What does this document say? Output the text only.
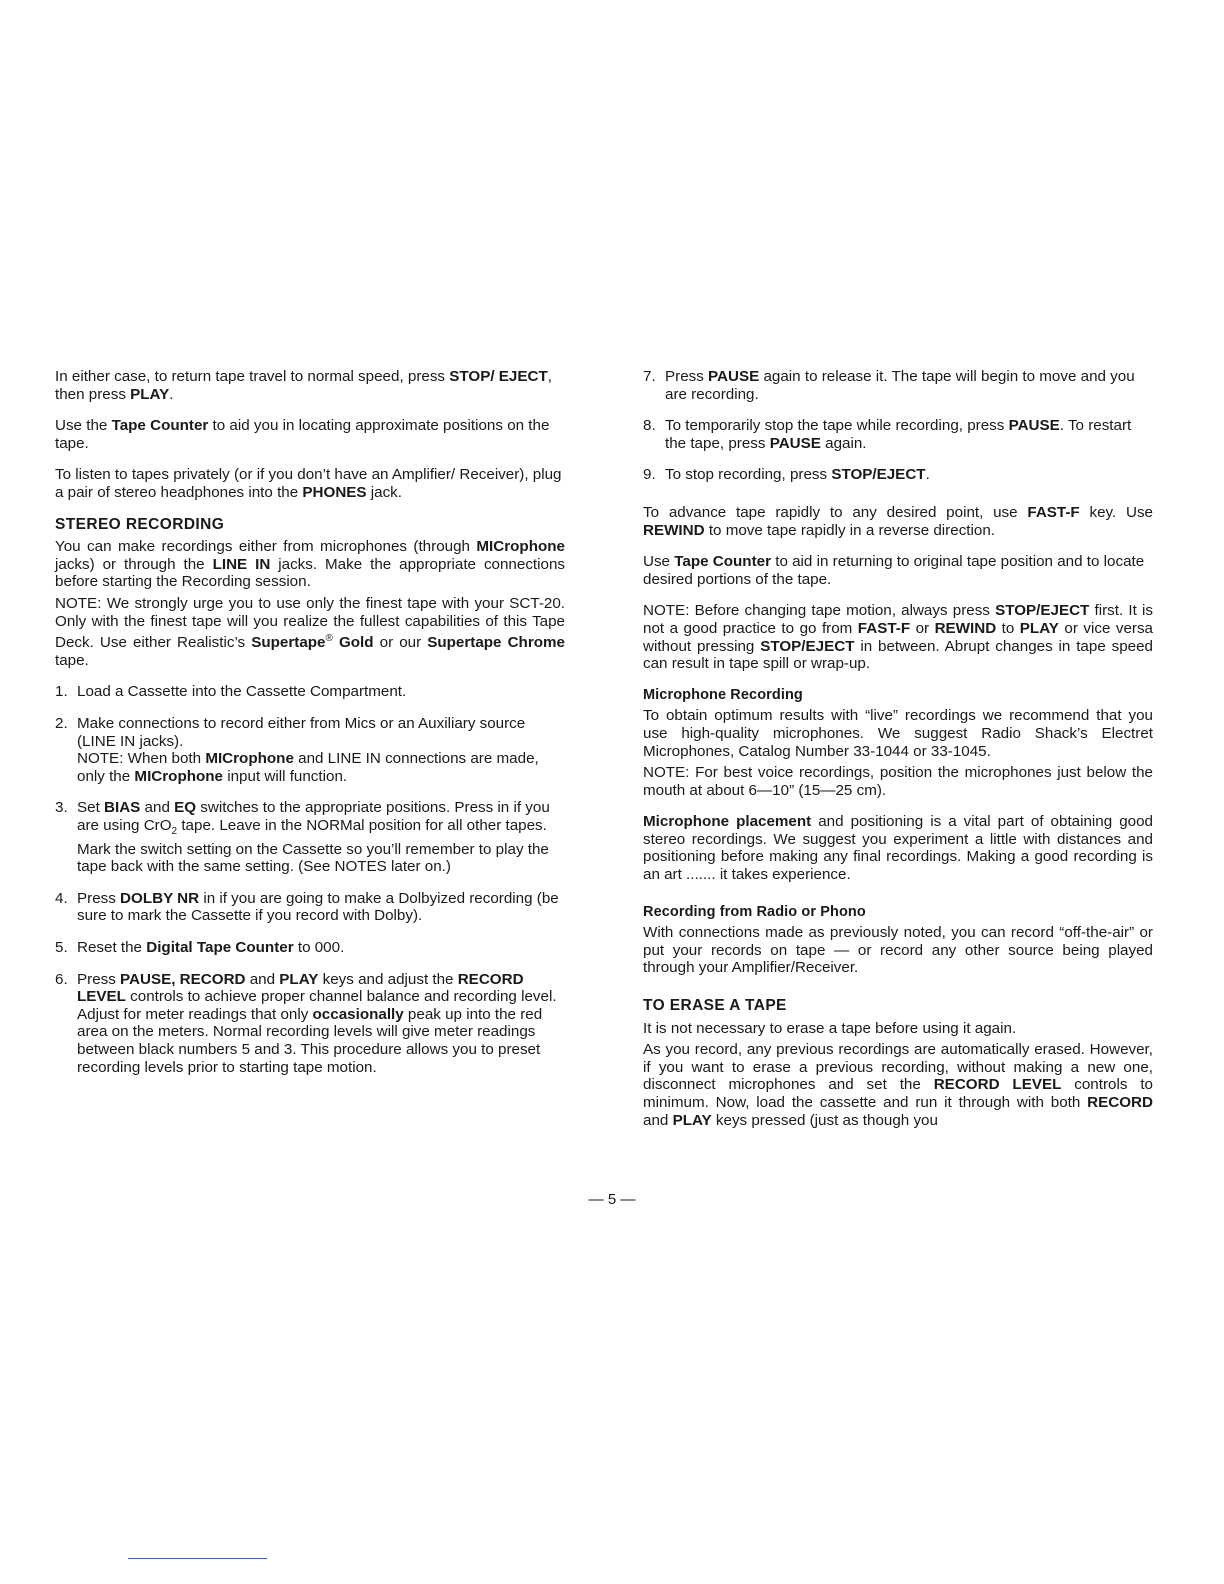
In either case, to return tape travel to normal speed, press STOP/ EJECT, then press PLAY.

Use the Tape Counter to aid you in locating approximate positions on the tape.

To listen to tapes privately (or if you don’t have an Amplifier/ Receiver), plug a pair of stereo headphones into the PHONES jack.

STEREO RECORDING

You can make recordings either from microphones (through MICrophone jacks) or through the LINE IN jacks. Make the appropriate connections before starting the Recording session.

NOTE: We strongly urge you to use only the finest tape with your SCT-20. Only with the finest tape will you realize the fullest capabilities of this Tape Deck. Use either Realistic’s Supertape® Gold or our Supertape Chrome tape.

1. Load a Cassette into the Cassette Compartment.
2. Make connections to record either from Mics or an Auxiliary source (LINE IN jacks).
NOTE: When both MICrophone and LINE IN connections are made, only the MICrophone input will function.
3. Set BIAS and EQ switches to the appropriate positions. Press in if you are using CrO$_2$ tape. Leave in the NORMal position for all other tapes. Mark the switch setting on the Cassette so you’ll remember to play the tape back with the same setting. (See NOTES later on.)
4. Press DOLBY NR in if you are going to make a Dolbyized recording (be sure to mark the Cassette if you record with Dolby).
5. Reset the Digital Tape Counter to 000.
6. Press PAUSE, RECORD and PLAY keys and adjust the RECORD LEVEL controls to achieve proper channel balance and recording level. Adjust for meter readings that only occasionally peak up into the red area on the meters. Normal recording levels will give meter readings between black numbers 5 and 3. This procedure allows you to preset recording levels prior to starting tape motion.
7. Press PAUSE again to release it. The tape will begin to move and you are recording.
8. To temporarily stop the tape while recording, press PAUSE. To restart the tape, press PAUSE again.
9. To stop recording, press STOP/EJECT.

To advance tape rapidly to any desired point, use FAST-F key. Use REWIND to move tape rapidly in a reverse direction.

Use Tape Counter to aid in returning to original tape position and to locate desired portions of the tape.

NOTE: Before changing tape motion, always press STOP/EJECT first. It is not a good practice to go from FAST-F or REWIND to PLAY or vice versa without pressing STOP/EJECT in between. Abrupt changes in tape speed can result in tape spill or wrap-up.

Microphone Recording

To obtain optimum results with “live” recordings we recommend that you use high-quality microphones. We suggest Radio Shack’s Electret Microphones, Catalog Number 33-1044 or 33-1045.

NOTE: For best voice recordings, position the microphones just below the mouth at about 6—10” (15—25 cm).

Microphone placement and positioning is a vital part of obtaining good stereo recordings. We suggest you experiment a little with distances and positioning before making any final recordings. Making a good recording is an art ....... it takes experience.

Recording from Radio or Phono

With connections made as previously noted, you can record “off-the-air” or put your records on tape — or record any other source being played through your Amplifier/Receiver.

TO ERASE A TAPE

It is not necessary to erase a tape before using it again.

As you record, any previous recordings are automatically erased. However, if you want to erase a previous recording, without making a new one, disconnect microphones and set the RECORD LEVEL controls to minimum. Now, load the cassette and run it through with both RECORD and PLAY keys pressed (just as though you

— 5 —
